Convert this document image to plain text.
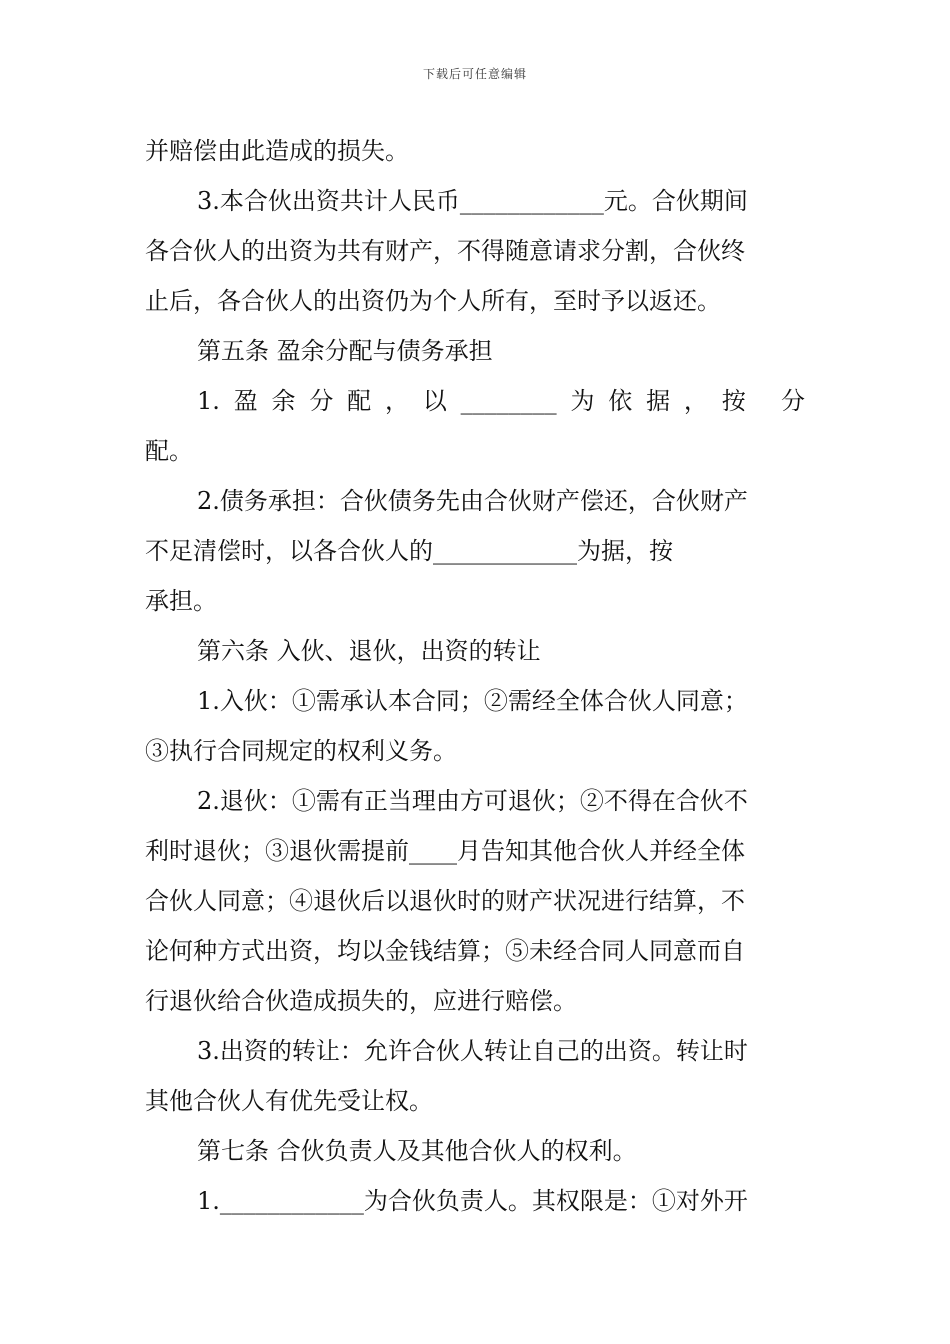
下载后可任意编辑
并赔偿由此造成的损失。
3.本合伙出资共计人民币____________元。合伙期间
各合伙人的出资为共有财产，不得随意请求分割，合伙终
止后，各合伙人的出资仍为个人所有，至时予以返还。
第五条 盈余分配与债务承担
1.盈余分配，以________为依据，按 分
配。
2.债务承担：合伙债务先由合伙财产偿还，合伙财产
不足清偿时，以各合伙人的____________为据，按
承担。
第六条 入伙、退伙，出资的转让
1.入伙：①需承认本合同；②需经全体合伙人同意；
③执行合同规定的权利义务。
2.退伙：①需有正当理由方可退伙；②不得在合伙不
利时退伙；③退伙需提前____月告知其他合伙人并经全体
合伙人同意；④退伙后以退伙时的财产状况进行结算，不
论何种方式出资，均以金钱结算；⑤未经合同人同意而自
行退伙给合伙造成损失的，应进行赔偿。
3.出资的转让：允许合伙人转让自己的出资。转让时
其他合伙人有优先受让权。
第七条 合伙负责人及其他合伙人的权利。
1.____________为合伙负责人。其权限是：①对外开
